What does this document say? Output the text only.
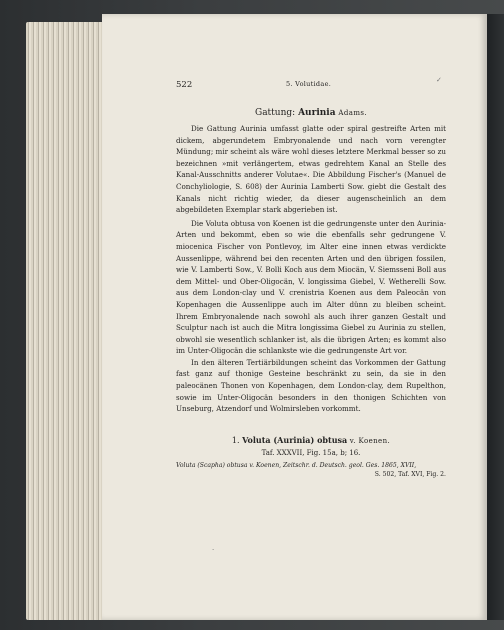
522	5. Volutidae.
Gattung: Aurinia Adams.

Die Gattung Aurinia umfasst glatte oder spiral gestreifte Arten mit dickem, abgerundetem Embryonalende und nach vorn verengter Mündung; mir scheint als wäre wohl dieses letztere Merkmal besser so zu bezeichnen »mit verlängertem, etwas gedrehtem Kanal an Stelle des Kanal-Ausschnitts anderer Volutae«. Die Abbildung Fischer's (Manuel de Conchyliologie, S. 608) der Aurinia Lamberti Sow. giebt die Gestalt des Kanals nicht richtig wieder, da dieser augenscheinlich an dem abgebildeten Exemplar stark abgerieben ist.

Die Voluta obtusa von Koenen ist die gedrungenste unter den Aurinia-Arten und bekommt, eben so wie die ebenfalls sehr gedrungene V. miocenica Fischer von Pontlevoy, im Alter eine innen etwas verdickte Aussenlippe, während bei den recenten Arten und den übrigen fossilen, wie V. Lamberti Sow., V. Bolli Koch aus dem Miocän, V. Siemsseni Boll aus dem Mittel- und Ober-Oligocän, V. longissima Giebel, V. Wetherelli Sow. aus dem London-clay und V. crenistria Koenen aus dem Paleocän von Kopenhagen die Aussenlippe auch im Alter dünn zu bleiben scheint. Ihrem Embryonalende nach sowohl als auch ihrer ganzen Gestalt und Sculptur nach ist auch die Mitra longissima Giebel zu Aurinia zu stellen, obwohl sie wesentlich schlanker ist, als die übrigen Arten; es kommt also im Unter-Oligocän die schlankste wie die gedrungenste Art vor.

In den älteren Tertiärbildungen scheint das Vorkommen der Gattung fast ganz auf thonige Gesteine beschränkt zu sein, da sie in den paleocänen Thonen von Kopenhagen, dem London-clay, dem Rupelthon, sowie im Unter-Oligocän besonders in den thonigen Schichten von Unseburg, Atzendorf und Wolmirsleben vorkommt.

1. Voluta (Aurinia) obtusa v. Koenen.
Taf. XXXVII, Fig. 15a, b; 16.
Voluta (Scapha) obtusa v. Koenen, Zeitschr. d. Deutsch. geol. Ges. 1865, XVII,
S. 502, Taf. XVI, Fig. 2.
✓
·
